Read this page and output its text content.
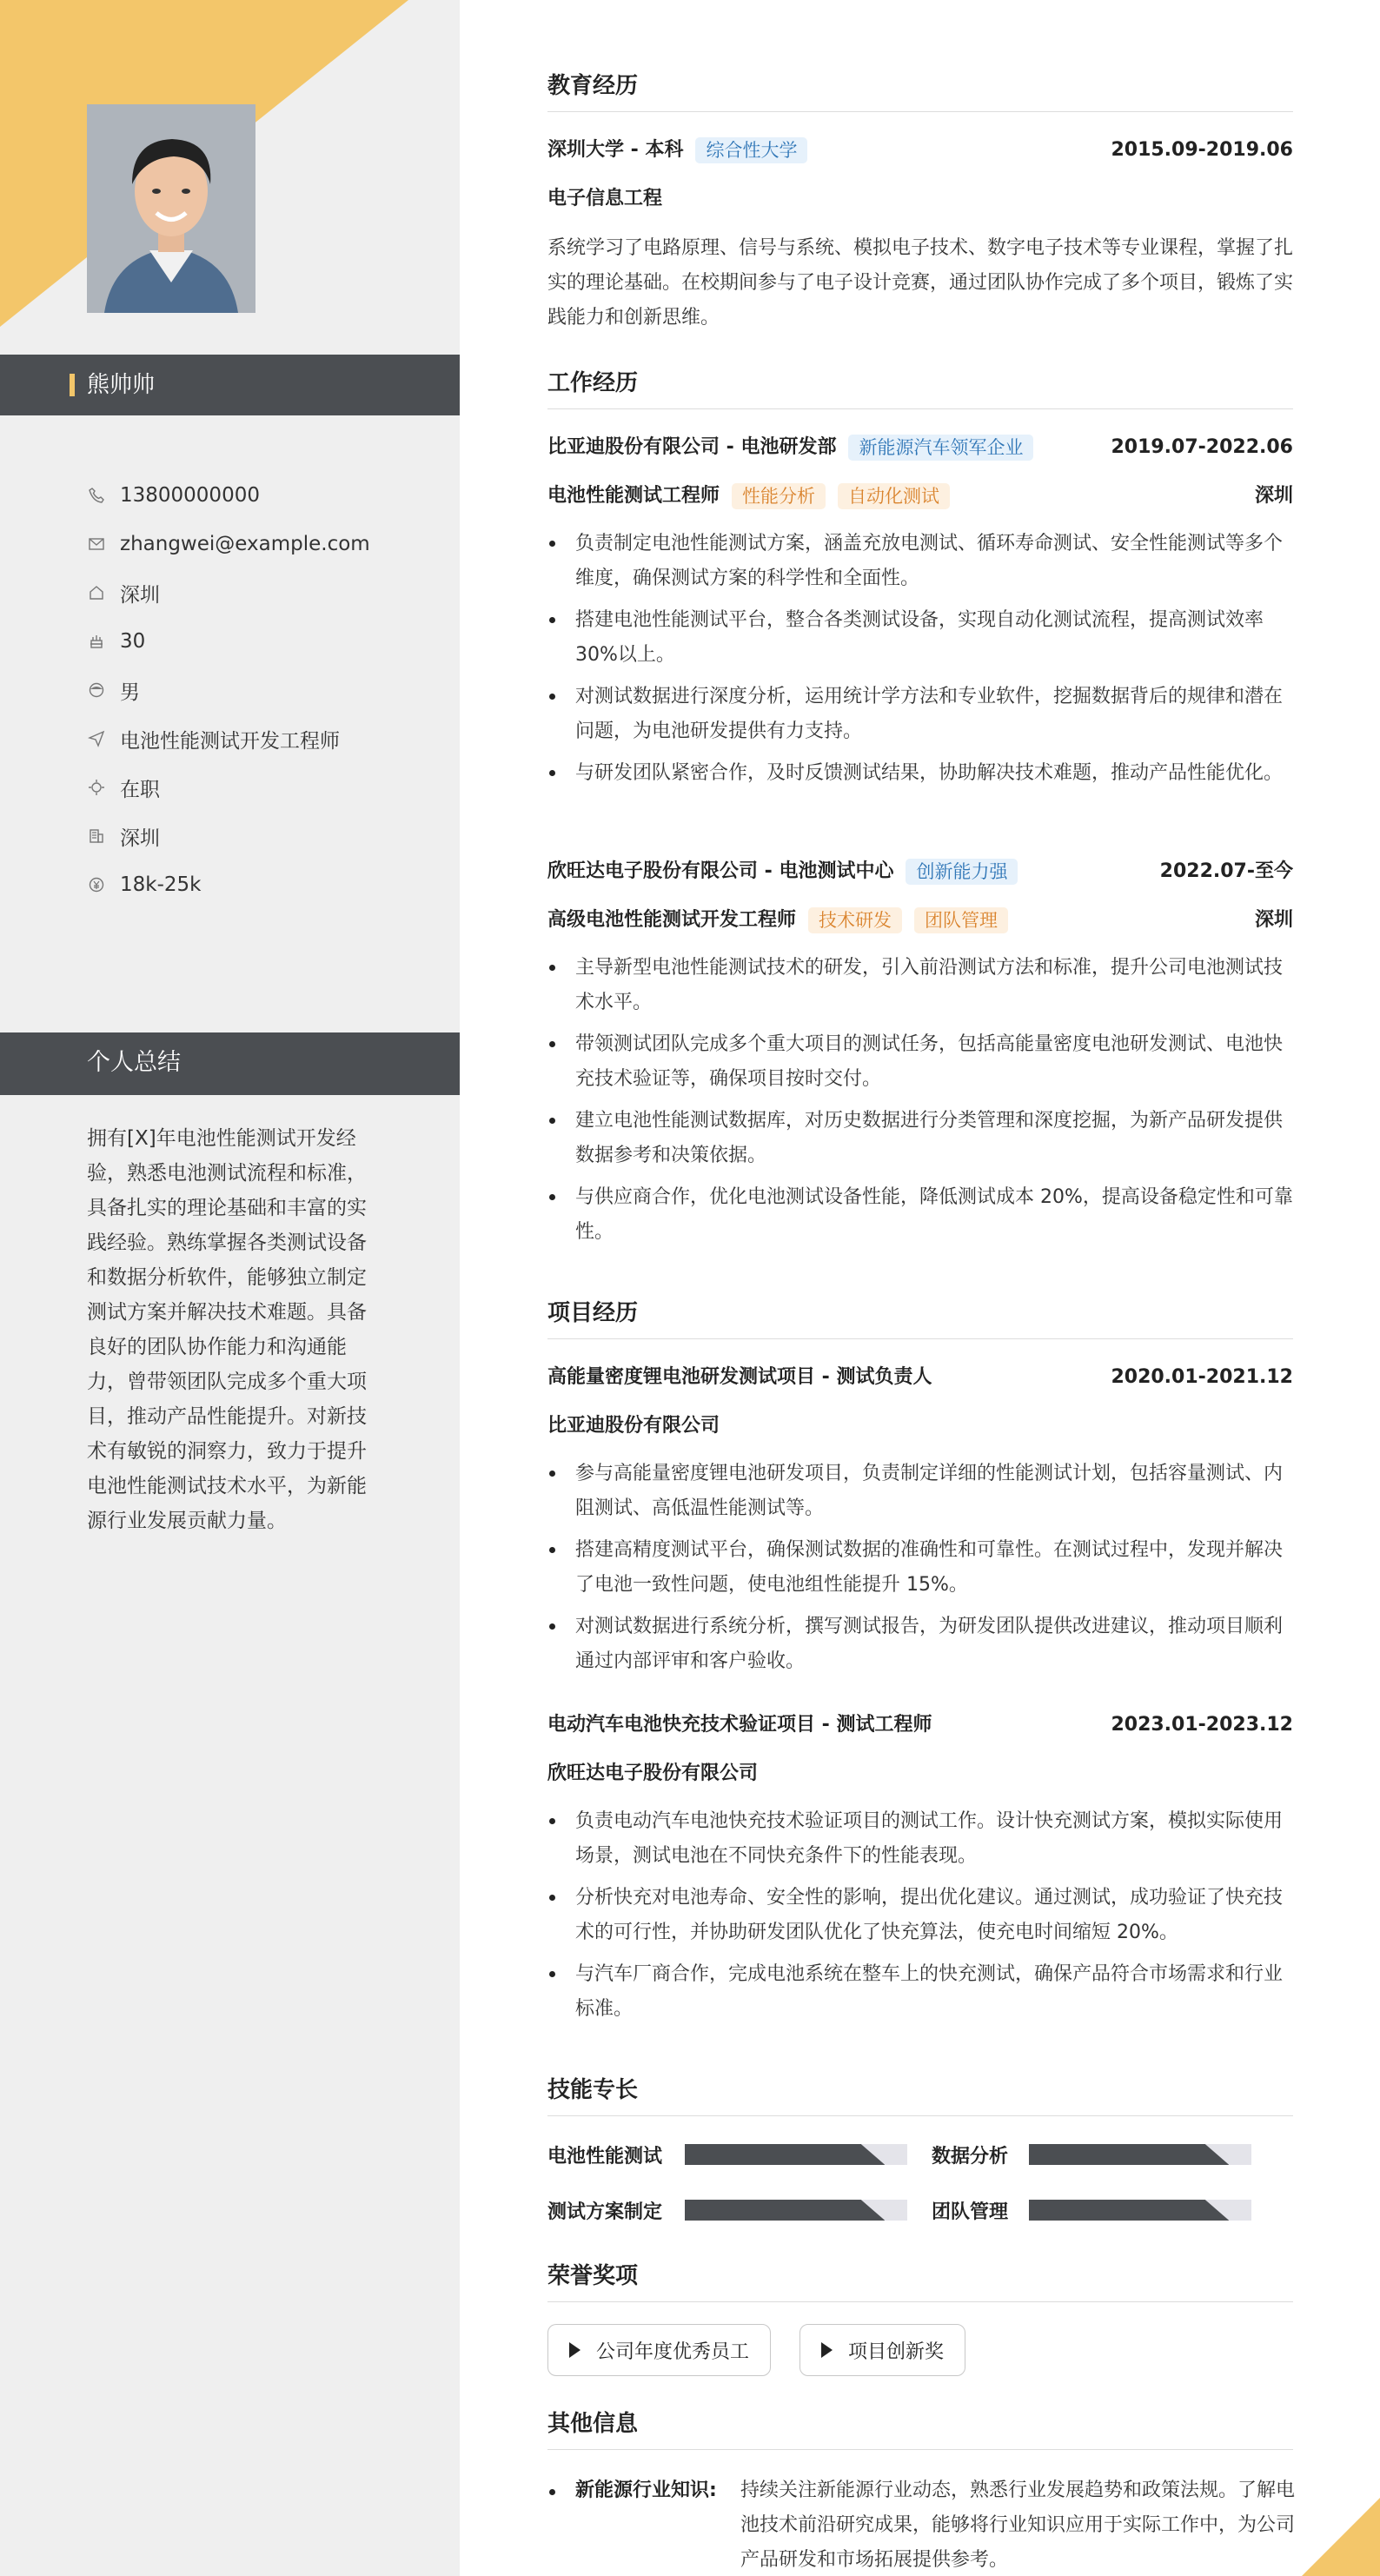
熊帅帅
13800000000
zhangwei@example.com
深圳
30
男
电池性能测试开发工程师
在职
深圳
18k-25k
个人总结
拥有[X]年电池性能测试开发经验，熟悉电池测试流程和标准，具备扎实的理论基础和丰富的实践经验。熟练掌握各类测试设备和数据分析软件，能够独立制定测试方案并解决技术难题。具备良好的团队协作能力和沟通能力，曾带领团队完成多个重大项目，推动产品性能提升。对新技术有敏锐的洞察力，致力于提升电池性能测试技术水平，为新能源行业发展贡献力量。
教育经历
深圳大学 - 本科	综合性大学	2015.09-2019.06
电子信息工程
系统学习了电路原理、信号与系统、模拟电子技术、数字电子技术等专业课程，掌握了扎实的理论基础。在校期间参与了电子设计竞赛，通过团队协作完成了多个项目，锻炼了实践能力和创新思维。
工作经历
比亚迪股份有限公司 - 电池研发部	新能源汽车领军企业	2019.07-2022.06
电池性能测试工程师	性能分析	自动化测试	深圳
负责制定电池性能测试方案，涵盖充放电测试、循环寿命测试、安全性能测试等多个维度，确保测试方案的科学性和全面性。
搭建电池性能测试平台，整合各类测试设备，实现自动化测试流程，提高测试效率 30%以上。
对测试数据进行深度分析，运用统计学方法和专业软件，挖掘数据背后的规律和潜在问题，为电池研发提供有力支持。
与研发团队紧密合作，及时反馈测试结果，协助解决技术难题，推动产品性能优化。
欣旺达电子股份有限公司 - 电池测试中心	创新能力强	2022.07-至今
高级电池性能测试开发工程师	技术研发	团队管理	深圳
主导新型电池性能测试技术的研发，引入前沿测试方法和标准，提升公司电池测试技术水平。
带领测试团队完成多个重大项目的测试任务，包括高能量密度电池研发测试、电池快充技术验证等，确保项目按时交付。
建立电池性能测试数据库，对历史数据进行分类管理和深度挖掘，为新产品研发提供数据参考和决策依据。
与供应商合作，优化电池测试设备性能，降低测试成本 20%，提高设备稳定性和可靠性。
项目经历
高能量密度锂电池研发测试项目 - 测试负责人	2020.01-2021.12
比亚迪股份有限公司
参与高能量密度锂电池研发项目，负责制定详细的性能测试计划，包括容量测试、内阻测试、高低温性能测试等。
搭建高精度测试平台，确保测试数据的准确性和可靠性。在测试过程中，发现并解决了电池一致性问题，使电池组性能提升 15%。
对测试数据进行系统分析，撰写测试报告，为研发团队提供改进建议，推动项目顺利通过内部评审和客户验收。
电动汽车电池快充技术验证项目 - 测试工程师	2023.01-2023.12
欣旺达电子股份有限公司
负责电动汽车电池快充技术验证项目的测试工作。设计快充测试方案，模拟实际使用场景，测试电池在不同快充条件下的性能表现。
分析快充对电池寿命、安全性的影响，提出优化建议。通过测试，成功验证了快充技术的可行性，并协助研发团队优化了快充算法，使充电时间缩短 20%。
与汽车厂商合作，完成电池系统在整车上的快充测试，确保产品符合市场需求和行业标准。
技能专长
电池性能测试	数据分析
测试方案制定	团队管理
荣誉奖项
公司年度优秀员工	项目创新奖
其他信息
新能源行业知识: 持续关注新能源行业动态，熟悉行业发展趋势和政策法规。了解电池技术前沿研究成果，能够将行业知识应用于实际工作中，为公司产品研发和市场拓展提供参考。
